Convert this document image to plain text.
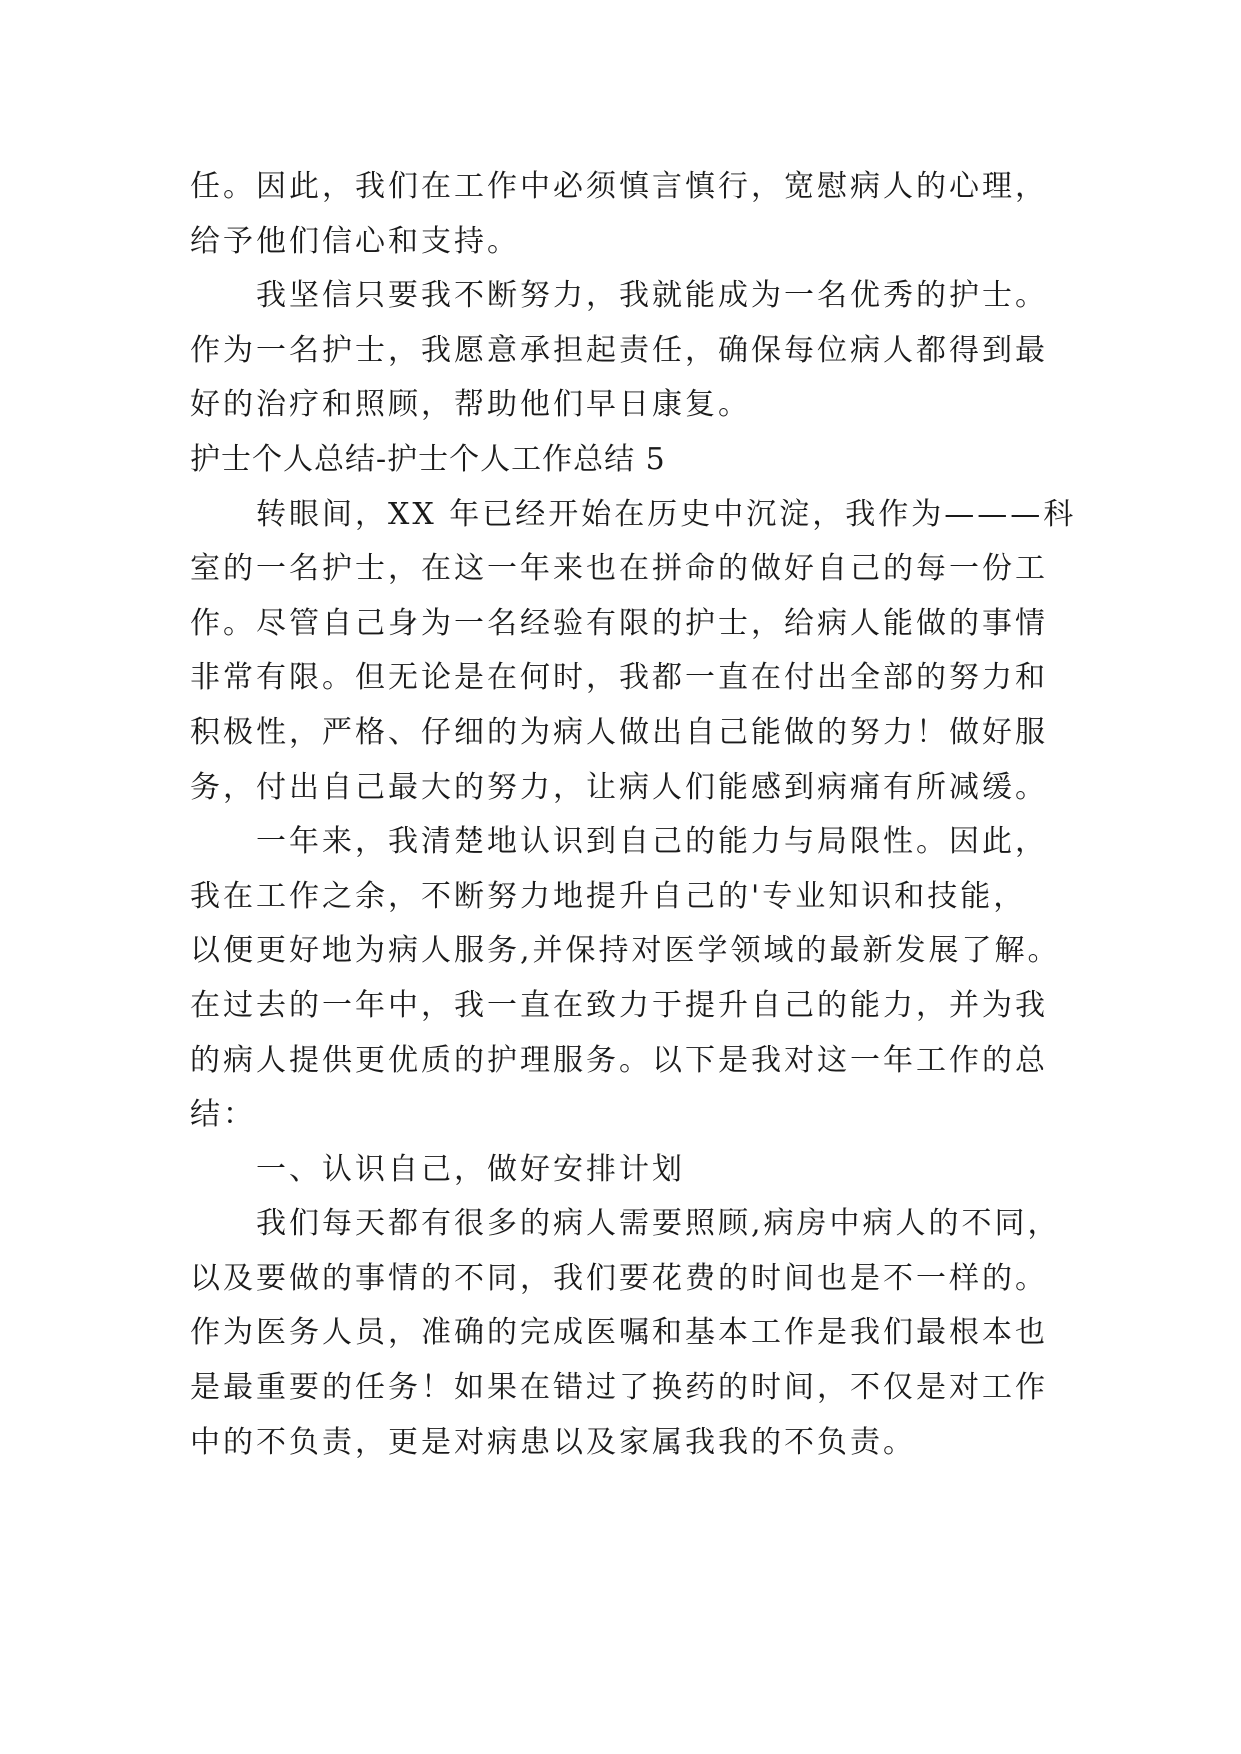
任。因此，我们在工作中必须慎言慎行，宽慰病人的心理，
给予他们信心和支持。
我坚信只要我不断努力，我就能成为一名优秀的护士。
作为一名护士，我愿意承担起责任，确保每位病人都得到最
好的治疗和照顾，帮助他们早日康复。
护士个人总结-护士个人工作总结 5
转眼间，XX 年已经开始在历史中沉淀，我作为———科
室的一名护士，在这一年来也在拼命的做好自己的每一份工
作。尽管自己身为一名经验有限的护士，给病人能做的事情
非常有限。但无论是在何时，我都一直在付出全部的努力和
积极性，严格、仔细的为病人做出自己能做的努力！做好服
务，付出自己最大的努力，让病人们能感到病痛有所减缓。
一年来，我清楚地认识到自己的能力与局限性。因此，
我在工作之余，不断努力地提升自己的'专业知识和技能，
以便更好地为病人服务,并保持对医学领域的最新发展了解。
在过去的一年中，我一直在致力于提升自己的能力，并为我
的病人提供更优质的护理服务。以下是我对这一年工作的总
结：
一、认识自己，做好安排计划
我们每天都有很多的病人需要照顾,病房中病人的不同，
以及要做的事情的不同，我们要花费的时间也是不一样的。
作为医务人员，准确的完成医嘱和基本工作是我们最根本也
是最重要的任务！如果在错过了换药的时间，不仅是对工作
中的不负责，更是对病患以及家属我我的不负责。
